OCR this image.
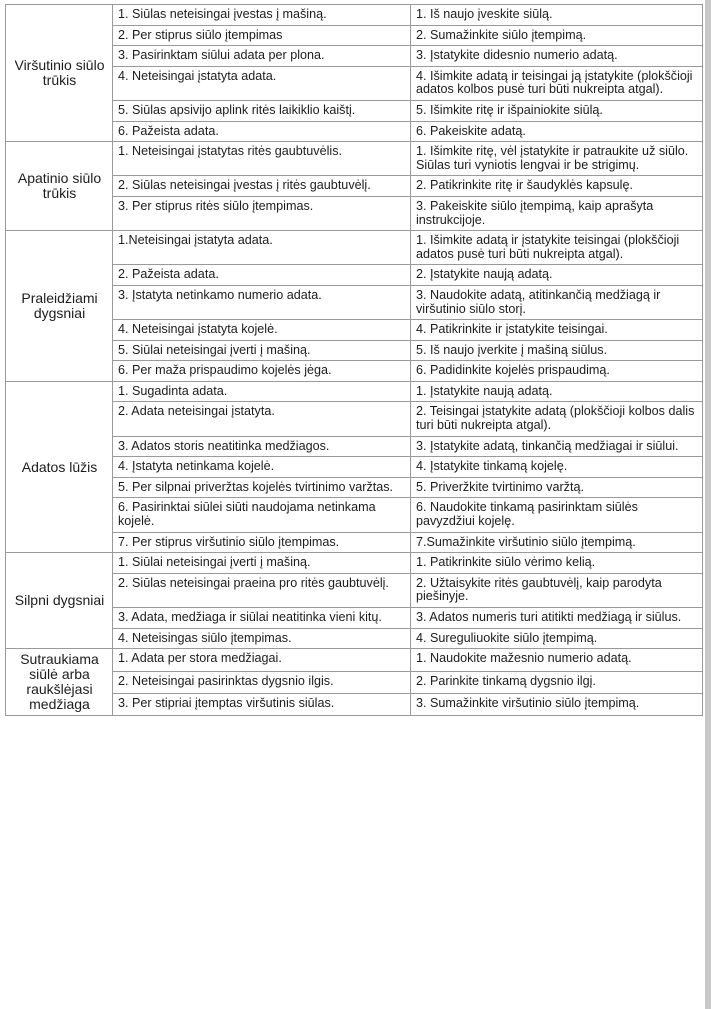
Viršutinio siūlo trūkis	1. Siūlas neteisingai įvestas į mašiną.	1. Iš naujo įveskite siūlą.
	2. Per stiprus siūlo įtempimas	2. Sumažinkite siūlo įtempimą.
	3. Pasirinktam siūlui adata per plona.	3. Įstatykite didesnio numerio adatą.
	4. Neteisingai įstatyta adata.	4. Išimkite adatą ir teisingai ją įstatykite (plokščioji adatos kolbos pusė turi būti nukreipta atgal).
	5. Siūlas apsivijo aplink ritės laikiklio kaištį.	5. Išimkite ritę ir išpainiokite siūlą.
	6. Pažeista adata.	6. Pakeiskite adatą.
Apatinio siūlo trūkis	1. Neteisingai įstatytas ritės gaubtuvėlis.	1. Išimkite ritę, vėl įstatykite ir patraukite už siūlo. Siūlas turi vyniotis lengvai ir be strigimų.
	2. Siūlas neteisingai įvestas į ritės gaubtuvėlį.	2. Patikrinkite ritę ir šaudyklės kapsulę.
	3. Per stiprus ritės siūlo įtempimas.	3. Pakeiskite siūlo įtempimą, kaip aprašyta instrukcijoje.
Praleidžiami dygsniai	1.Neteisingai įstatyta adata.	1. Išimkite adatą ir įstatykite teisingai (plokščioji adatos pusė turi būti nukreipta atgal).
	2. Pažeista adata.	2. Įstatykite naują adatą.
	3. Įstatyta netinkamo numerio adata.	3. Naudokite adatą, atitinkančią medžiagą ir viršutinio siūlo storį.
	4. Neteisingai įstatyta kojelė.	4. Patikrinkite ir įstatykite teisingai.
	5. Siūlai neteisingai įverti į mašiną.	5. Iš naujo įverkite į mašiną siūlus.
	6. Per maža prispaudimo kojelės jėga.	6. Padidinkite kojelės prispaudimą.
Adatos lūžis	1. Sugadinta adata.	1. Įstatykite naują adatą.
	2. Adata neteisingai įstatyta.	2. Teisingai įstatykite adatą (plokščioji kolbos dalis turi būti nukreipta atgal).
	3. Adatos storis neatitinka medžiagos.	3. Įstatykite adatą, tinkančią medžiagai ir siūlui.
	4. Įstatyta netinkama kojelė.	4. Įstatykite tinkamą kojelę.
	5. Per silpnai priveržtas kojelės tvirtinimo varžtas.	5. Priveržkite tvirtinimo varžtą.
	6. Pasirinktai siūlei siūti naudojama netinkama kojelė.	6. Naudokite tinkamą pasirinktam siūlės pavyzdžiui kojelę.
	7. Per stiprus viršutinio siūlo įtempimas.	7.Sumažinkite viršutinio siūlo įtempimą.
Silpni dygsniai	1. Siūlai neteisingai įverti į mašiną.	1. Patikrinkite siūlo vėrimo kelią.
	2. Siūlas neteisingai praeina pro ritės gaubtuvėlį.	2. Užtaisykite ritės gaubtuvėlį, kaip parodyta piešinyje.
	3. Adata, medžiaga ir siūlai neatitinka vieni kitų.	3. Adatos numeris turi atitikti medžiagą ir siūlus.
	4. Neteisingas siūlo įtempimas.	4. Sureguliuokite siūlo įtempimą.
Sutraukiama siūlė arba raukšlėjasi medžiaga	1. Adata per stora medžiagai.	1. Naudokite mažesnio numerio adatą.
	2. Neteisingai pasirinktas dygsnio ilgis.	2. Parinkite tinkamą dygsnio ilgį.
	3. Per stipriai įtemptas viršutinis siūlas.	3. Sumažinkite viršutinio siūlo įtempimą.
